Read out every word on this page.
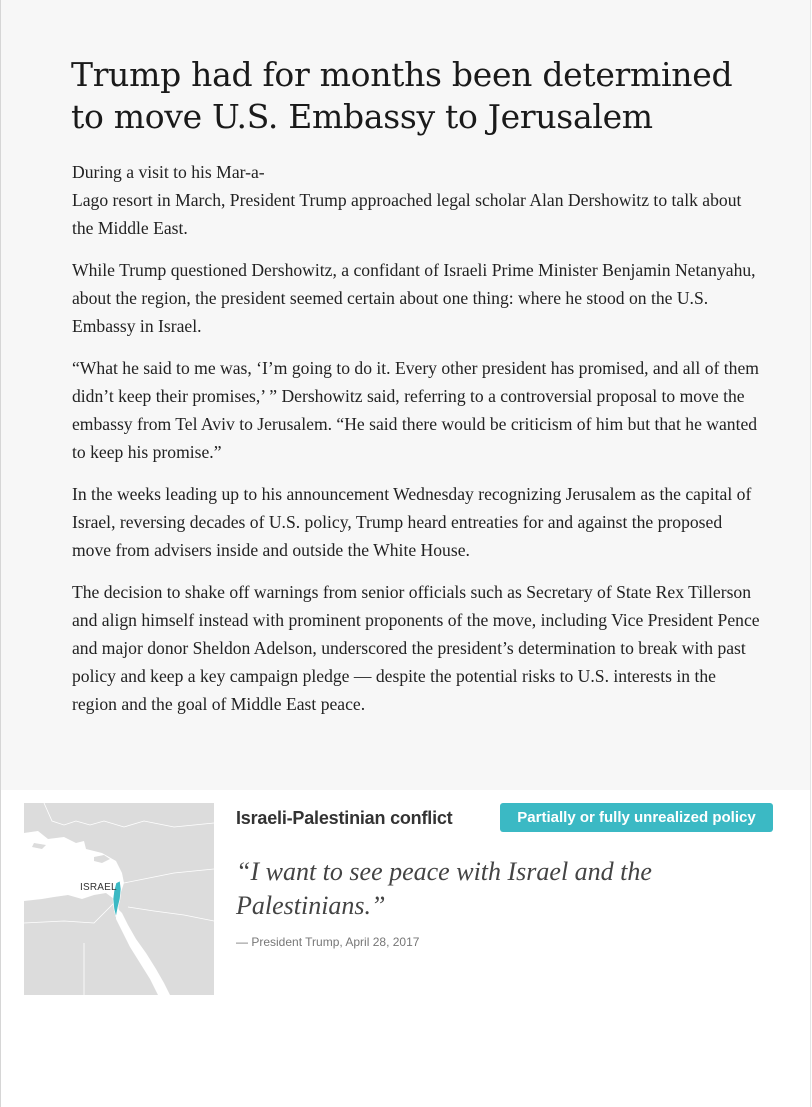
Trump had for months been determined to move U.S. Embassy to Jerusalem

During a visit to his Mar-a-
Lago resort in March, President Trump approached legal scholar Alan Dershowitz to talk about the Middle East.

While Trump questioned Dershowitz, a confidant of Israeli Prime Minister Benjamin Netanyahu, about the region, the president seemed certain about one thing: where he stood on the U.S. Embassy in Israel.

“What he said to me was, ‘I’m going to do it. Every other president has promised, and all of them didn’t keep their promises,’ ” Dershowitz said, referring to a controversial proposal to move the embassy from Tel Aviv to Jerusalem. “He said there would be criticism of him but that he wanted to keep his promise.”

In the weeks leading up to his announcement Wednesday recognizing Jerusalem as the capital of Israel, reversing decades of U.S. policy, Trump heard entreaties for and against the proposed move from advisers inside and outside the White House.

The decision to shake off warnings from senior officials such as Secretary of State Rex Tillerson and align himself instead with prominent proponents of the move, including Vice President Pence and major donor Sheldon Adelson, underscored the president’s determination to break with past policy and keep a key campaign pledge — despite the potential risks to U.S. interests in the region and the goal of Middle East peace.

ISRAEL
Israeli-Palestinian conflict	Partially or fully unrealized policy
“I want to see peace with Israel and the Palestinians.”
— President Trump, April 28, 2017
